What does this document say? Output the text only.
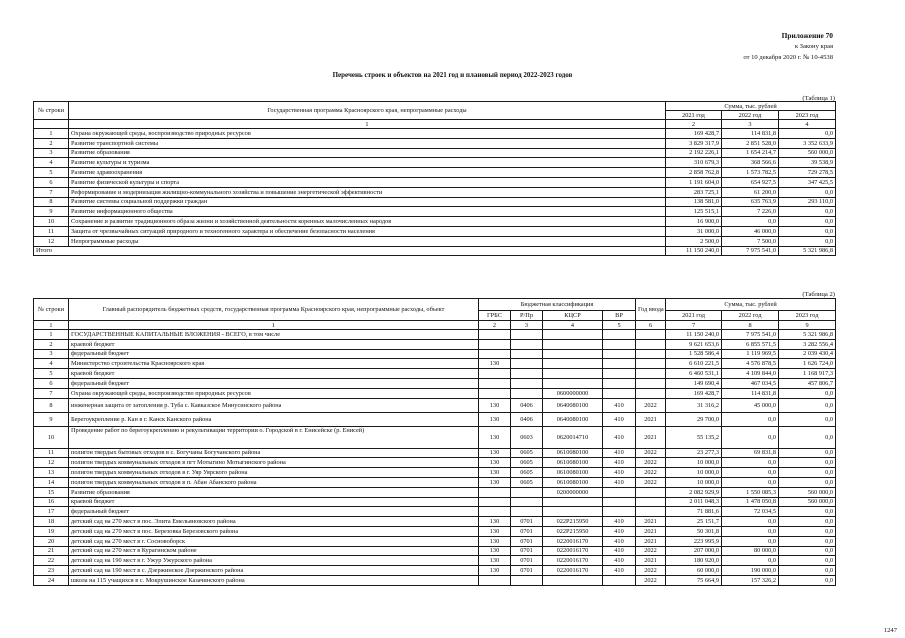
Приложение 70
к Закону края
от 10 декабря 2020 г. № 10-4538
Перечень строек и объектов на 2021 год и плановый период 2022-2023 годов
(Таблица 1)
№ строки	Государственная программа Красноярского края, непрограммные расходы	Сумма, тыс. рублей		
		2021 год	2022 год	2023 год
	1	2	3	4
1	Охрана окружающей среды, воспроизводство природных ресурсов	169 428,7	114 831,8	0,0
2	Развитие транспортной системы	3 829 317,9	2 851 528,0	3 352 633,9
3	Развитие образования	2 192 226,1	1 654 214,7	560 000,0
4	Развитие культуры и туризма	310 679,3	368 566,6	39 538,9
5	Развитие здравоохранения	2 858 762,8	1 573 782,5	729 278,5
6	Развитие физической культуры и спорта	1 191 604,0	654 927,5	347 425,5
7	Реформирование и модернизация жилищно-коммунального хозяйства и повышение энергетической эффективности	283 725,1	61 200,0	0,0
8	Развитие системы социальной поддержки граждан	138 581,0	635 763,9	293 110,0
9	Развитие информационного общества	125 515,1	7 226,0	0,0
10	Сохранение и развитие традиционного образа жизни и хозяйственной деятельности коренных малочисленных народов	16 900,0	0,0	0,0
11	Защита от чрезвычайных ситуаций природного и техногенного характера и обеспечение безопасности населения	31 000,0	46 000,0	0,0
12	Непрограммные расходы	2 500,0	7 500,0	0,0
Итого		11 150 240,0	7 975 541,0	5 321 986,8
(Таблица 2)
№ строки	Главный распорядитель бюджетных средств, государственная программа Красноярского края, непрограммные расходы, объект	Бюджетная классификация				Год ввода	Сумма, тыс. рублей		
		ГРБС	Р/Пр	КЦСР	ВР		2021 год	2022 год	2023 год
1	1	2	3	4	5	6	7	8	9
1	ГОСУДАРСТВЕННЫЕ КАПИТАЛЬНЫЕ ВЛОЖЕНИЯ - ВСЕГО, в том числе						11 150 240,0	7 975 541,0	5 321 986,8
2	краевой бюджет						9 621 653,6	6 855 571,5	3 282 556,4
3	федеральный бюджет						1 528 586,4	1 119 969,5	2 039 430,4
4	Министерство строительства Красноярского края	130					6 610 221,5	4 576 878,5	1 626 724,0
5	краевой бюджет						6 460 531,1	4 109 844,0	1 168 917,3
6	федеральный бюджет						149 690,4	467 034,5	457 806,7
7	Охрана окружающей среды, воспроизводство природных ресурсов			0600000000			169 428,7	114 831,8	0,0
8	инженерная защита от затопления р. Туба с. Кавказское Минусинского района	130	0406	0640080100	410	2022	31 316,2	45 000,0	0,0
9	Берегоукрепление р. Кан в г. Канск Канского района	130	0406	0640080100	410	2021	29 700,0	0,0	0,0
10	Проведение работ по берегоукреплению и рекультивации территории о. Городской в г. Енисейске (р. Енисей)	130	0603	0620014710	410	2021	55 135,2	0,0	0,0
11	полигон твердых бытовых отходов в с. Богучаны Богучанского района	130	0605	0610080100	410	2022	23 277,3	69 831,8	0,0
12	полигон твердых коммунальных отходов в пгт Мотыгино Мотыгинского района	130	0605	0610080100	410	2022	10 000,0	0,0	0,0
13	полигон твердых коммунальных отходов в г. Уяр Уярского района	130	0605	0610080100	410	2022	10 000,0	0,0	0,0
14	полигон твердых коммунальных отходов в п. Абан Абанского района	130	0605	0610080100	410	2022	10 000,0	0,0	0,0
15	Развитие образования			0200000000			2 082 929,9	1 550 085,3	560 000,0
16	краевой бюджет						2 011 048,3	1 478 050,8	560 000,0
17	федеральный бюджет						71 881,6	72 034,5	0,0
18	детский сад на 270 мест в пос. Элита Емельяновского района	130	0701	022P215950	410	2021	25 151,7	0,0	0,0
19	детский сад на 270 мест в пос. Березовка Березовского района	130	0701	022P215950	410	2021	50 301,8	0,0	0,0
20	детский сад на 270 мест в г. Сосновоборск	130	0701	0220016170	410	2021	223 995,9	0,0	0,0
21	детский сад на 270 мест в Курагинском районе	130	0701	0220016170	410	2022	207 000,0	80 000,0	0,0
22	детский сад на 190 мест в г. Ужур Ужурского района	130	0701	0220016170	410	2021	180 920,0	0,0	0,0
23	детский сад на 190 мест в с. Дзержинское Дзержинского района	130	0701	0220016170	410	2022	60 000,0	190 000,0	0,0
24	школа на 115 учащихся в с. Мокрушинское Казачинского района					2022	75 664,9	157 326,2	0,0
1247
